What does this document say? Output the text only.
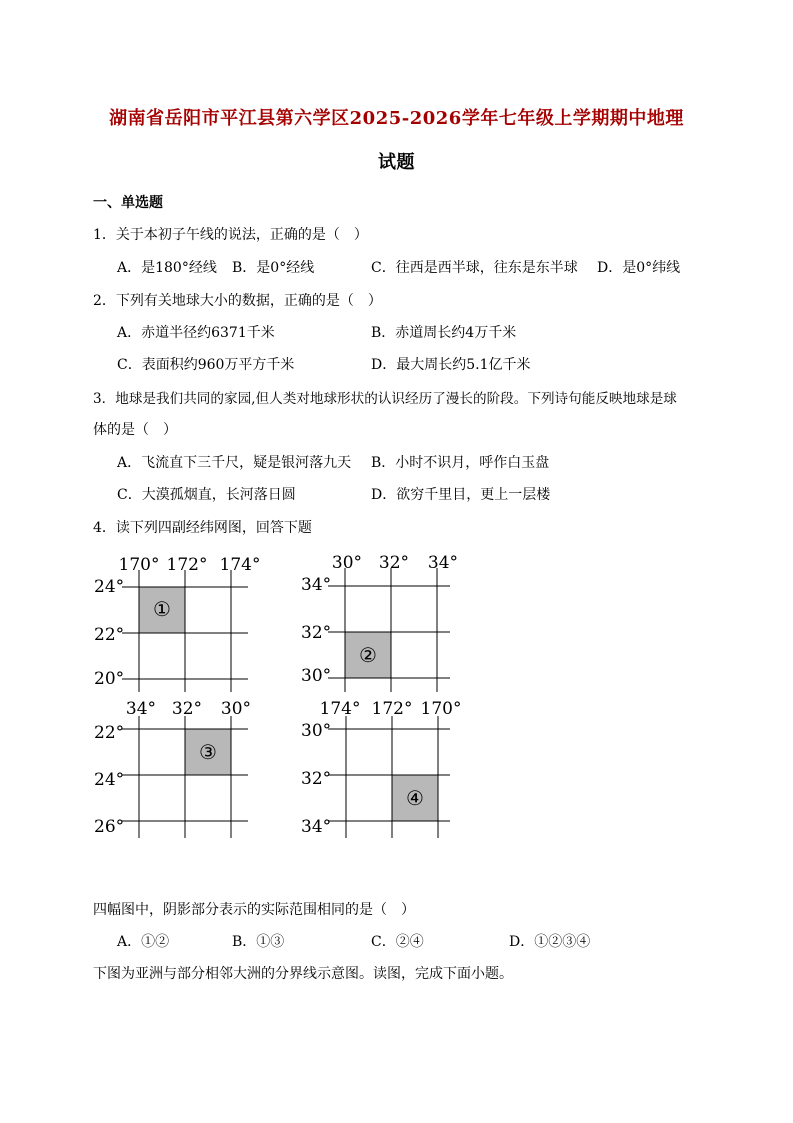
湖南省岳阳市平江县第六学区2025-2026学年七年级上学期期中地理
试题
一、单选题
1．关于本初子午线的说法，正确的是（　）
A．是180°经线 B．是0°经线	C．往西是西半球，往东是东半球 D．是0°纬线
2．下列有关地球大小的数据，正确的是（　）
A．赤道半径约6371千米	B．赤道周长约4万千米
C．表面积约960万平方千米	D．最大周长约5.1亿千米
3．地球是我们共同的家园,但人类对地球形状的认识经历了漫长的阶段。下列诗句能反映地球是球
体的是（　）
A．飞流直下三千尺，疑是银河落九天 B．小时不识月，呼作白玉盘
C．大漠孤烟直，长河落日圆	D．欲穷千里目，更上一层楼
4．读下列四副经纬网图，回答下题
①
170° 172° 174°
24°
22°
20°
②
30° 32° 34°
34°
32°
30°
③
34° 32° 30°
22°
24°
26°
④
174° 172° 170°
30°
32°
34°
四幅图中，阴影部分表示的实际范围相同的是（　）
A．①②	B．①③	C．②④	D．①②③④
下图为亚洲与部分相邻大洲的分界线示意图。读图，完成下面小题。
